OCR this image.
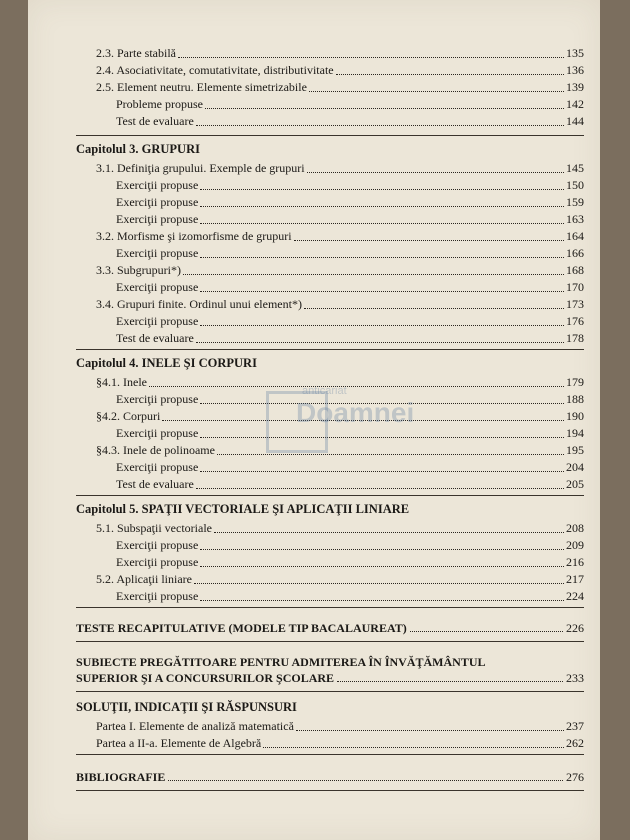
2.3. Parte stabilă	135
2.4. Asociativitate, comutativitate, distributivitate	136
2.5. Element neutru. Elemente simetrizabile	139
Probleme propuse	142
Test de evaluare	144
Capitolul 3. GRUPURI
3.1. Definiţia grupului. Exemple de grupuri	145
Exerciţii propuse	150
Exerciţii propuse	159
Exerciţii propuse	163
3.2. Morfisme şi izomorfisme de grupuri	164
Exerciţii propuse	166
3.3. Subgrupuri*)	168
Exerciţii propuse	170
3.4. Grupuri finite. Ordinul unui element*)	173
Exerciţii propuse	176
Test de evaluare	178
Capitolul 4. INELE ŞI CORPURI
§4.1. Inele	179
Exerciţii propuse	188
§4.2. Corpuri	190
Exerciţii propuse	194
§4.3. Inele de polinoame	195
Exerciţii propuse	204
Test de evaluare	205
Capitolul 5. SPAŢII VECTORIALE ŞI APLICAŢII LINIARE
5.1. Subspaţii vectoriale	208
Exerciţii propuse	209
Exerciţii propuse	216
5.2. Aplicaţii liniare	217
Exerciţii propuse	224
TESTE RECAPITULATIVE (MODELE TIP BACALAUREAT)	226
SUBIECTE PREGĂTITOARE PENTRU ADMITEREA ÎN ÎNVĂŢĂMÂNTUL
SUPERIOR ŞI A CONCURSURILOR ŞCOLARE	233
SOLUŢII, INDICAŢII ŞI RĂSPUNSURI
Partea I. Elemente de analiză matematică	237
Partea a II-a. Elemente de Algebră	262
BIBLIOGRAFIE	276
anticariat
Doamnei
